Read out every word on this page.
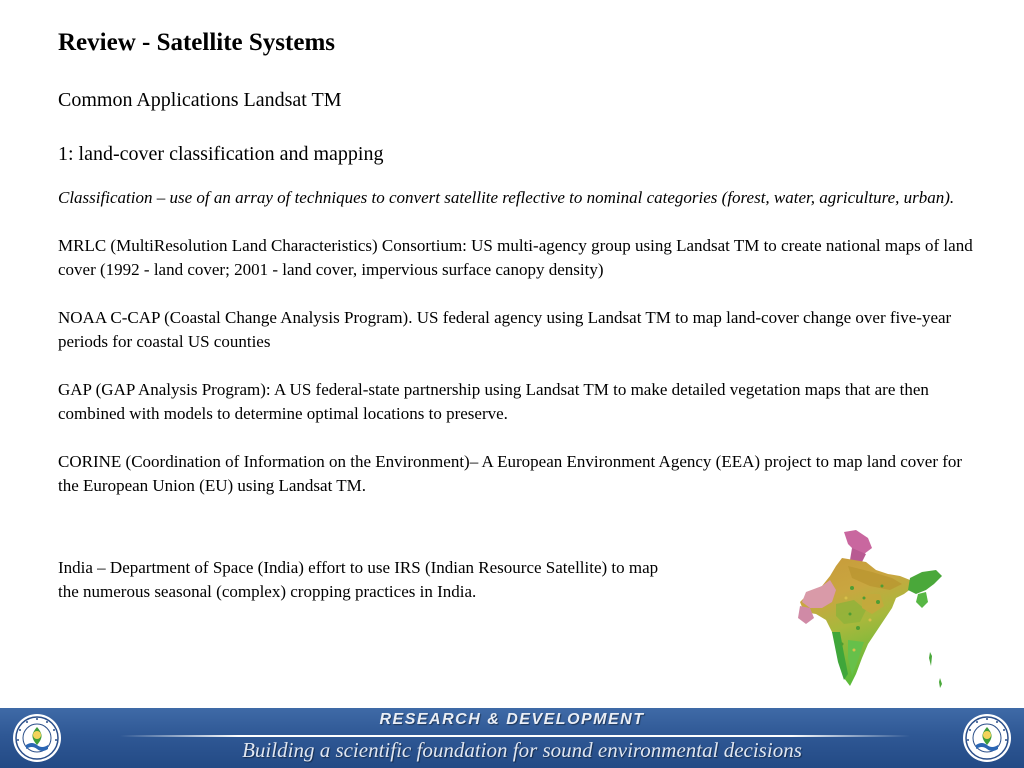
Review - Satellite Systems

Common Applications Landsat TM

1: land-cover classification and mapping

Classification – use of an array of techniques to convert satellite reflective to nominal categories (forest, water, agriculture, urban).

MRLC (MultiResolution Land Characteristics) Consortium: US multi-agency group using Landsat TM to create national maps of land cover (1992 - land cover; 2001 - land cover, impervious surface canopy density)

NOAA C-CAP (Coastal Change Analysis Program). US federal agency using Landsat TM to map land-cover change over five-year periods for coastal US counties

GAP (GAP Analysis Program): A US federal-state partnership using Landsat TM to make detailed vegetation maps that are then combined with models to determine optimal locations to preserve.

CORINE (Coordination of Information on the Environment)– A European Environment Agency (EEA) project to map land cover for the European Union (EU) using Landsat TM.

India – Department of Space (India) effort to use IRS (Indian Resource Satellite) to map
the numerous seasonal (complex) cropping practices in India.

RESEARCH & DEVELOPMENT
Building a scientific foundation for sound environmental decisions
